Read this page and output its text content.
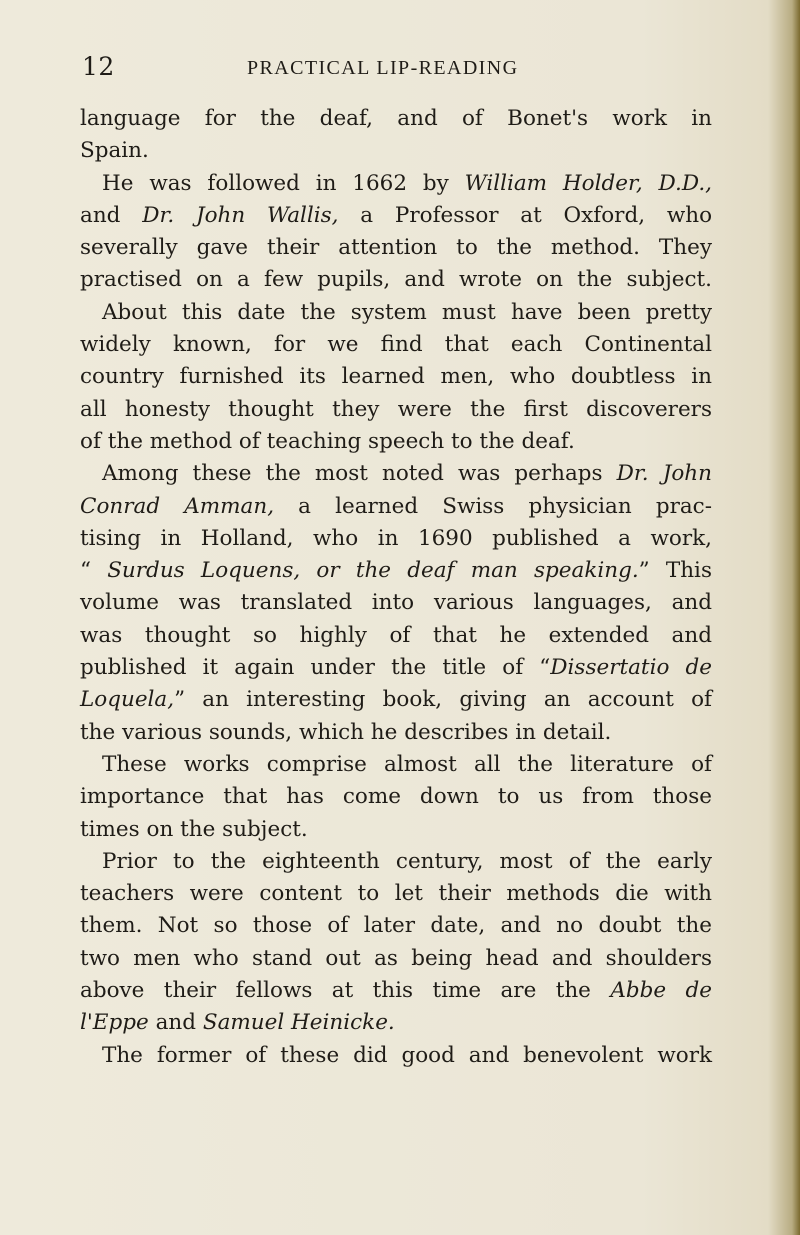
12	PRACTICAL LIP-READING
language for the deaf, and of Bonet's work in
Spain.
He was followed in 1662 by William Holder, D.D.,
and Dr. John Wallis, a Professor at Oxford, who
severally gave their attention to the method. They
practised on a few pupils, and wrote on the subject.
About this date the system must have been pretty
widely known, for we find that each Continental
country furnished its learned men, who doubtless in
all honesty thought they were the first discoverers
of the method of teaching speech to the deaf.
Among these the most noted was perhaps Dr. John
Conrad Amman, a learned Swiss physician prac-
tising in Holland, who in 1690 published a work,
“ Surdus Loquens, or the deaf man speaking.” This
volume was translated into various languages, and
was thought so highly of that he extended and
published it again under the title of “Dissertatio de
Loquela,” an interesting book, giving an account of
the various sounds, which he describes in detail.
These works comprise almost all the literature of
importance that has come down to us from those
times on the subject.
Prior to the eighteenth century, most of the early
teachers were content to let their methods die with
them. Not so those of later date, and no doubt the
two men who stand out as being head and shoulders
above their fellows at this time are the Abbe de
l'Eppe and Samuel Heinicke.
The former of these did good and benevolent work
